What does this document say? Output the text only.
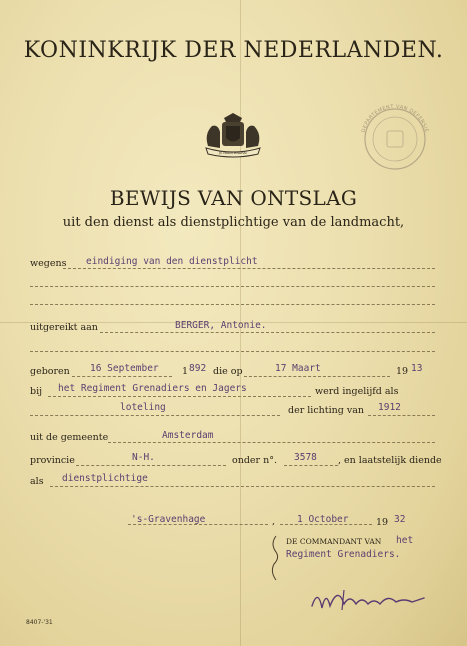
KONINKRIJK DER NEDERLANDEN.
JE MAINTIENDRAI
DEPARTEMENT VAN DEFENSIE
BEWIJS VAN ONTSLAG
uit den dienst als dienstplichtige van de landmacht,
wegens eindiging van den dienstplicht
uitgereikt aan	BERGER, Antonie.
geboren 16 September 1 892 die op	17 Maart	19 13
bij het Regiment Grenadiers en Jagers	werd ingelijfd als
loteling	der lichting van 1912
uit de gemeente	Amsterdam
provincie	N-H.	onder n°. 3578 , en laatstelijk diende
als dienstplichtige
's-Gravenhage	, 1 October	19 32
DE COMMANDANT VAN het
Regiment Grenadiers.
8407-'31
